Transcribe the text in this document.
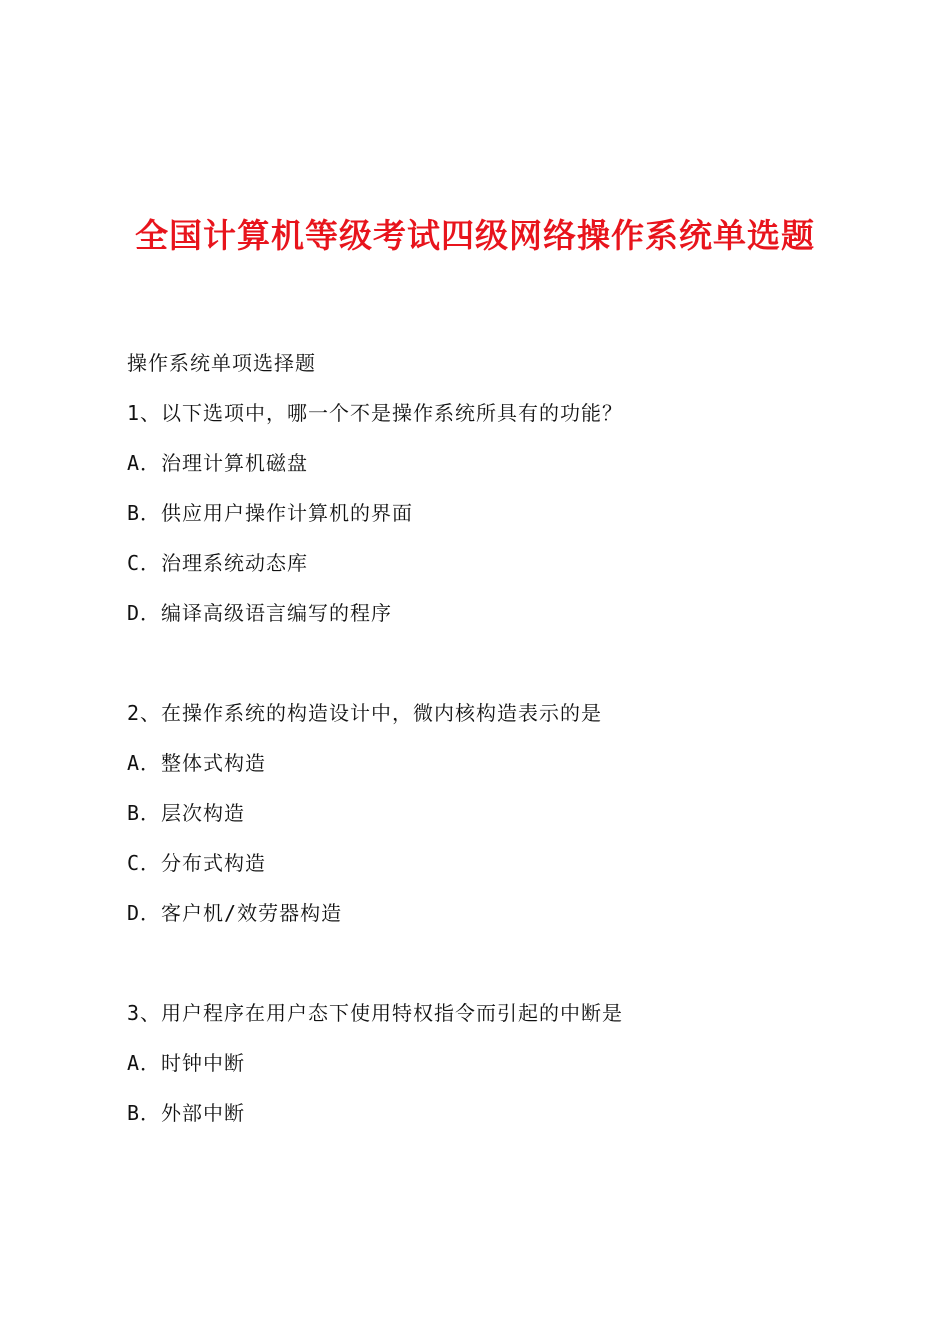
全国计算机等级考试四级网络操作系统单选题
操作系统单项选择题
1、以下选项中，哪一个不是操作系统所具有的功能？
A．治理计算机磁盘
B．供应用户操作计算机的界面
C．治理系统动态库
D．编译高级语言编写的程序
2、在操作系统的构造设计中，微内核构造表示的是
A．整体式构造
B．层次构造
C．分布式构造
D．客户机/效劳器构造
3、用户程序在用户态下使用特权指令而引起的中断是
A．时钟中断
B．外部中断
